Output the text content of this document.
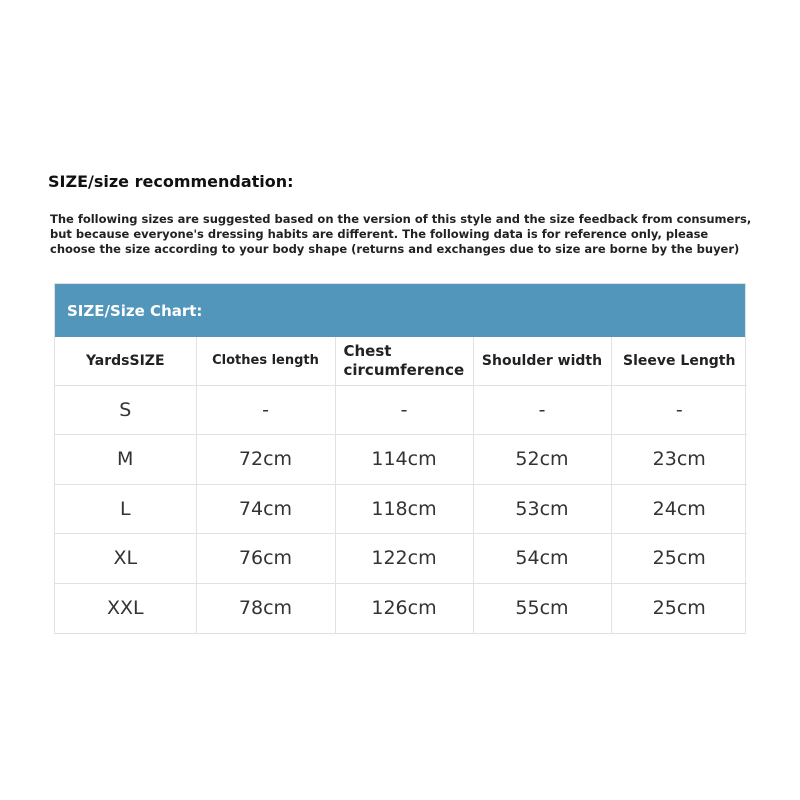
SIZE/size recommendation:

The following sizes are suggested based on the version of this style and the size feedback from consumers,

but because everyone's dressing habits are different. The following data is for reference only, please

choose the size according to your body shape (returns and exchanges due to size are borne by the buyer)

SIZE/Size Chart:
YardsSIZE	Clothes length	Chest circumference	Shoulder width	Sleeve Length
S	-	-	-	-
M	72cm	114cm	52cm	23cm
L	74cm	118cm	53cm	24cm
XL	76cm	122cm	54cm	25cm
XXL	78cm	126cm	55cm	25cm
